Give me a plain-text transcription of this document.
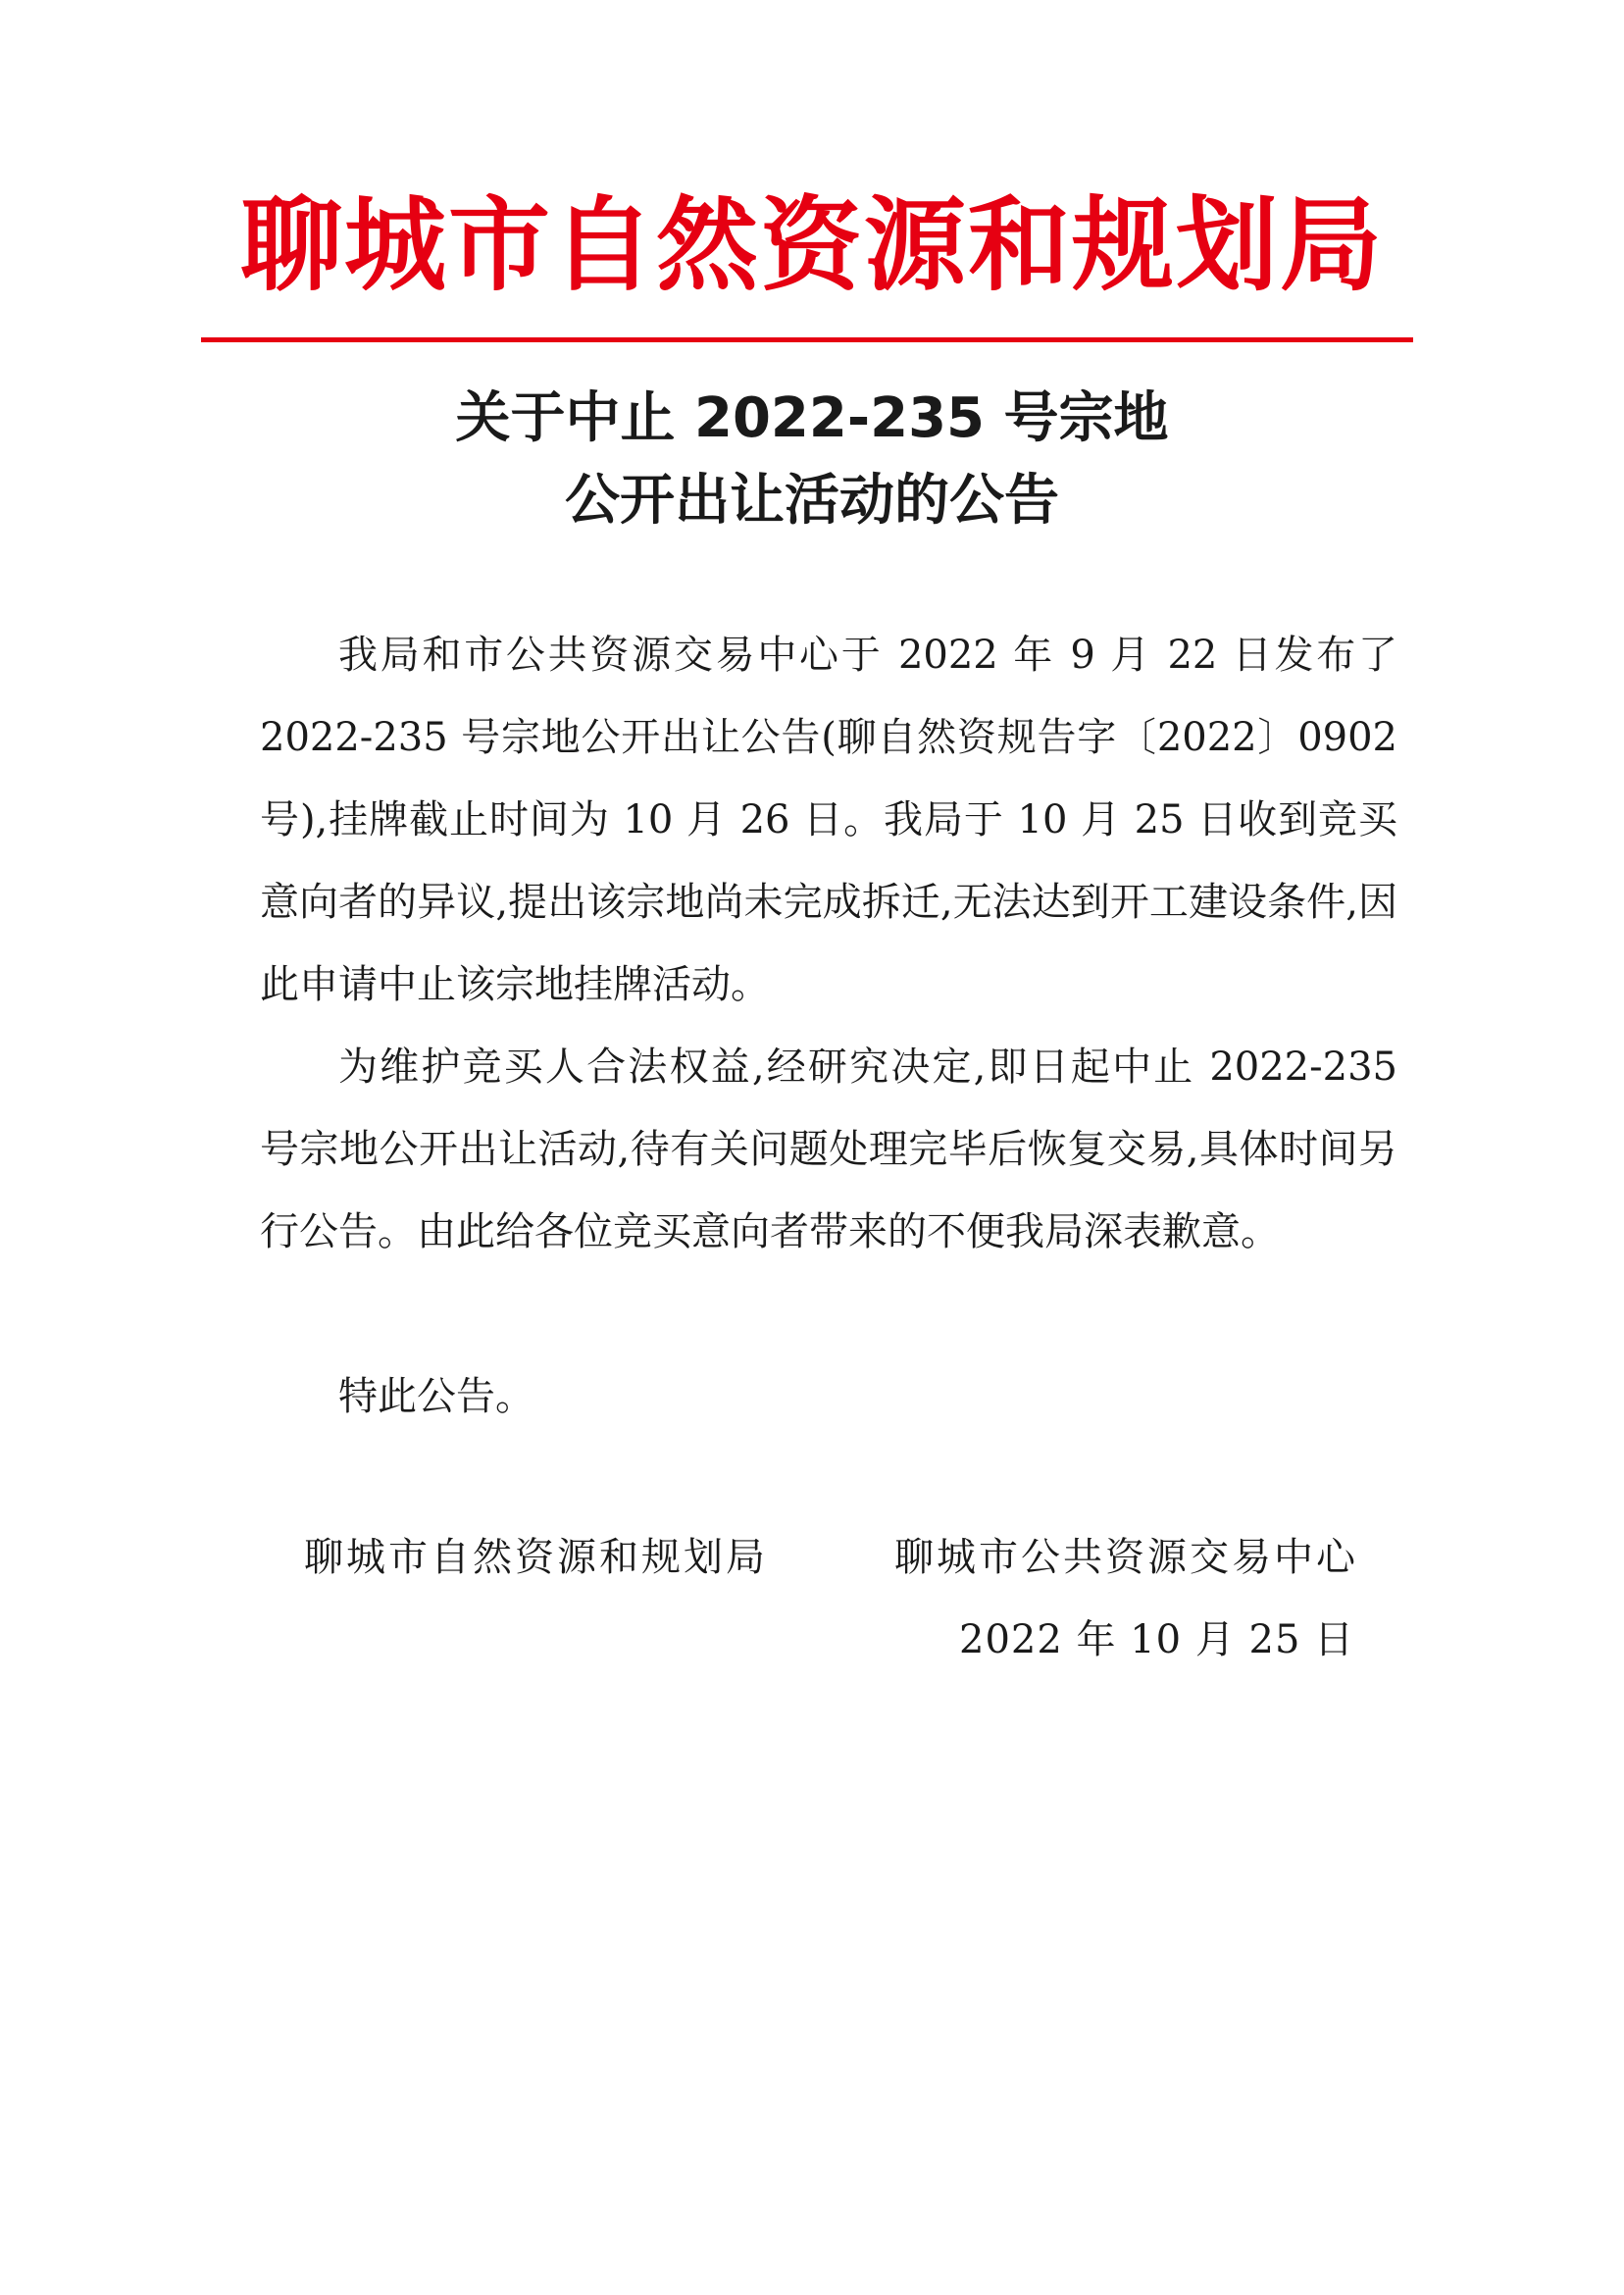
聊城市自然资源和规划局
关于中止 2022-235 号宗地
公开出让活动的公告

我局和市公共资源交易中心于 2022 年 9 月 22 日发布了 2022-235 号宗地公开出让公告(聊自然资规告字〔2022〕0902 号),挂牌截止时间为 10 月 26 日。我局于 10 月 25 日收到竞买意向者的异议,提出该宗地尚未完成拆迁,无法达到开工建设条件,因此申请中止该宗地挂牌活动。

为维护竞买人合法权益,经研究决定,即日起中止 2022-235 号宗地公开出让活动,待有关问题处理完毕后恢复交易,具体时间另行公告。由此给各位竞买意向者带来的不便我局深表歉意。

特此公告。
聊城市自然资源和规划局	聊城市公共资源交易中心
2022 年 10 月 25 日
